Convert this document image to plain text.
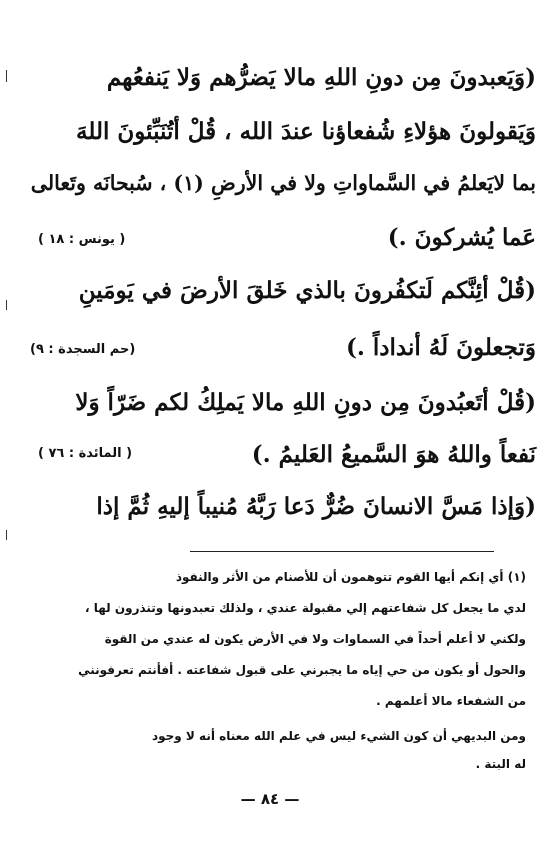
(وَيَعبدونَ مِن دونِ اللهِ مالا يَضرُّهم وَلا يَنفعُهم
وَيَقولونَ هؤلاءِ شُفعاؤنا عندَ الله ، قُلْ أتُنَبِّئونَ اللهَ
بما لايَعلمُ في السَّماواتِ ولا في الأرضِ (١) ، سُبحانَه وتَعالى
عَما يُشركونَ .)
( يونس : ١٨ )
(قُلْ أئِنَّكم لَتكفُرونَ بالذي خَلقَ الأرضَ في يَومَينِ
وَتجعلونَ لَهُ أنداداً .)
(حم السجدة : ٩)
(قُلْ أتَعبُدونَ مِن دونِ اللهِ مالا يَملِكُ لكم ضَرّاً وَلا
نَفعاً واللهُ هوَ السَّميعُ العَليمُ .)
( المائدة : ٧٦ )
(وَإذا مَسَّ الانسانَ ضُرٌّ دَعا رَبَّهُ مُنيباً إليهِ ثُمَّ إذا
(١) أي إنكم أيها القوم تتوهمون أن للأصنام من الأثر والنفوذ
لدي ما يجعل كل شفاعتهم إلي مقبولة عندي ، ولذلك تعبدونها وتنذرون لها ،
ولكني لا أعلم أحداً في السماوات ولا في الأرض يكون له عندي من القوة
والحول أو يكون من حي إياه ما يجبرني على قبول شفاعته . أفأنتم تعرفونني
من الشفعاء مالا أعلمهم .
ومن البديهي أن كون الشيء ليس في علم الله معناه أنه لا وجود
له البتة .
— ٨٤ —
